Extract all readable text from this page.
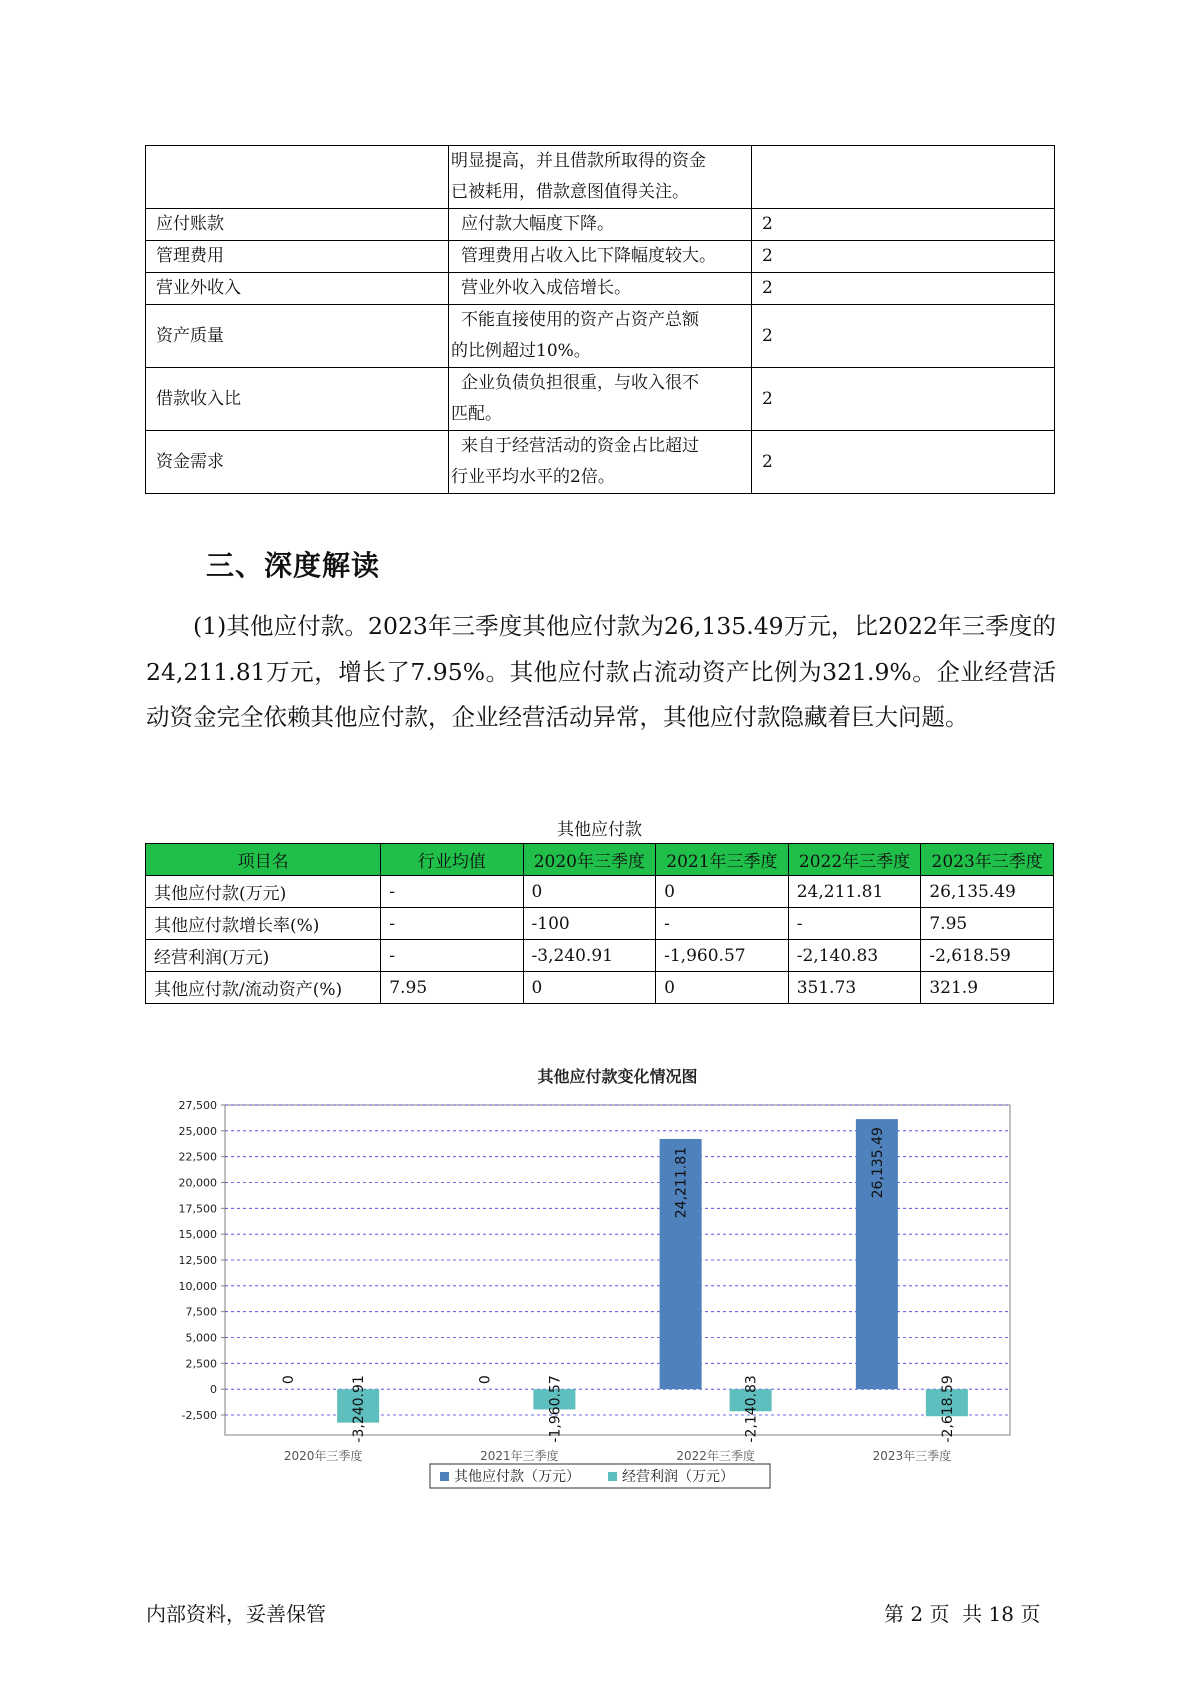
	明显提高，并且借款所取得的资金
已被耗用，借款意图值得关注。	
应付账款	应付款大幅度下降。	2
管理费用	管理费用占收入比下降幅度较大。	2
营业外收入	营业外收入成倍增长。	2
资产质量	不能直接使用的资产占资产总额
的比例超过10%。	2
借款收入比	企业负债负担很重，与收入很不
匹配。	2
资金需求	来自于经营活动的资金占比超过
行业平均水平的2倍。	2
三、深度解读

(1)其他应付款。2023年三季度其他应付款为26,135.49万元，比2022年三季度的24,211.81万元，增长了7.95%。其他应付款占流动资产比例为321.9%。企业经营活动资金完全依赖其他应付款，企业经营活动异常，其他应付款隐藏着巨大问题。

其他应付款
项目名	行业均值	2020年三季度	2021年三季度	2022年三季度	2023年三季度
其他应付款(万元)	-	0	0	24,211.81	26,135.49
其他应付款增长率(%)	-	-100	-	-	7.95
经营利润(万元)	-	-3,240.91	-1,960.57	-2,140.83	-2,618.59
其他应付款/流动资产(%)	7.95	0	0	351.73	321.9
其他应付款变化情况图
-2,500
0
2,500
5,000
7,500
10,000
12,500
15,000
17,500
20,000
22,500
25,000
27,500
0	-3,240.91
2020年三季度
0	-1,960.57
2021年三季度
24,211.81
-2,140.83
2022年三季度
26,135.49
-2,618.59
2023年三季度
其他应付款（万元）	经营利润（万元）
内部资料，妥善保管	第 2 页  共 18 页
